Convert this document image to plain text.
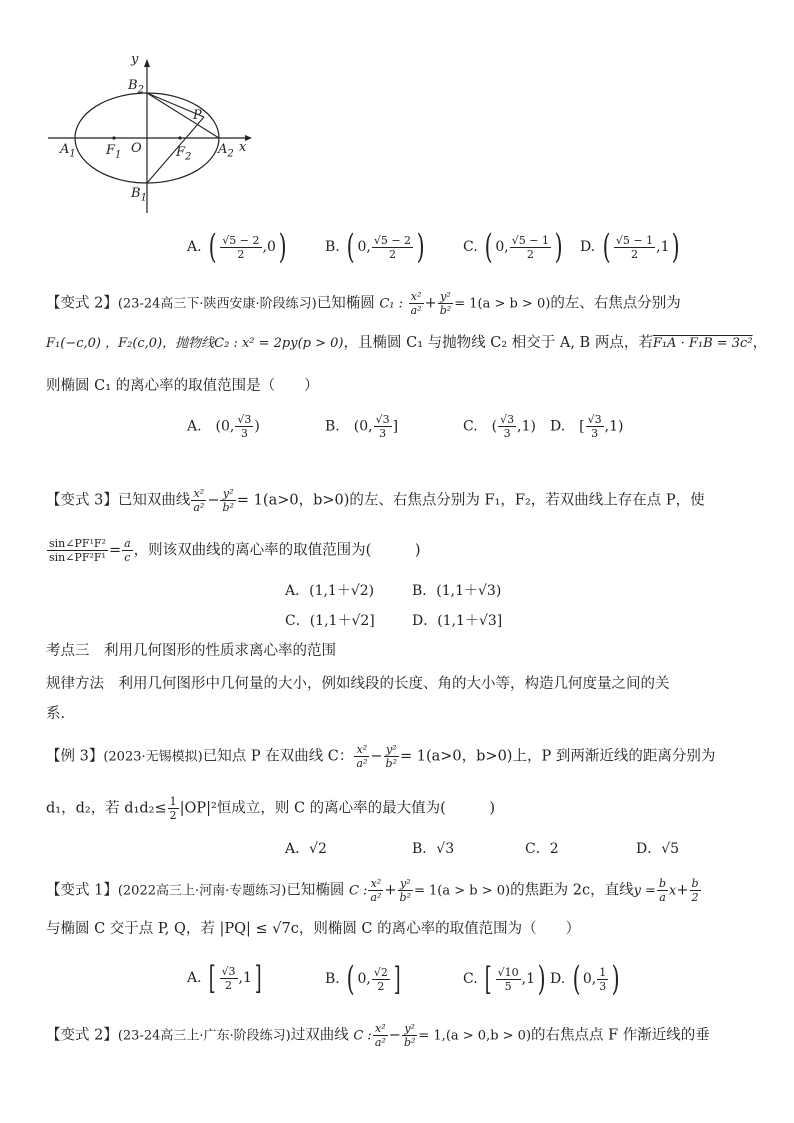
y
$B_2$
P
$A_1$ $F_1$ O	$F_2$
$A_2$ x
$B_1$
A. ( $\frac{√5 - 2}{2} ,0$)	B. ( 0, $\frac{√5 - 2}{2}$ )	C. ( 0, $\frac{√5 - 1}{2}$ ) D. ( $\frac{√5 - 1}{2} ,1$)
【变式 2】(23-24高三下·陕西安康·阶段练习)已知椭圆 C₁ : $\frac{\text{x²}}{\text{a²}} + \frac{\text{y²}}{\text{b²}} = 1(a > b > 0)$的左、右焦点分别为
F₁(−c,0) ，F₂(c,0)，抛物线C₂ : x² = 2py(p > 0)，且椭圆 C₁ 与抛物线 C₂ 相交于 A, B 两点，若F₁A · F₁B = 3c²，
则椭圆 C₁ 的离心率的取值范围是（　　）
A.　(0, $\frac{√3}{3}$ )	B.　(0, $\frac{√3}{3}$ ]	C.　( $\frac{√3}{3} ,1$) D.　[ $\frac{√3}{3} ,1$)
【变式 3】已知双曲线 $\frac{\text{x²}}{\text{a²}} - \frac{\text{y²}}{\text{b²}} = 1(a>0$，b>0)的左、右焦点分别为 F₁，F₂，若双曲线上存在点 P，使
$\frac{\text{sin∠PF¹F²}}{\text{sin∠PF²F¹}} = \frac{a}{c}$ ，则该双曲线的离心率的取值范围为(　　　)
A．(1,1＋√2)	B．(1,1＋√3)
C．(1,1＋√2]	D．(1,1＋√3]
考点三　利用几何图形的性质求离心率的范围
规律方法　利用几何图形中几何量的大小，例如线段的长度、角的大小等，构造几何度量之间的关
系.
【例 3】(2023·无锡模拟)已知点 P 在双曲线 C： $\frac{\text{x²}}{\text{a²}} - \frac{\text{y²}}{\text{b²}} = 1(a>0$，b>0)上，P 到两渐近线的距离分别为
d₁，d₂，若 $d_1d_2\le \frac{1}{2} |OP|^2$恒成立，则 C 的离心率的最大值为(　　　)
A．√2	B．√3	C．2	D．√5
【变式 1】(2022高三上·河南·专题练习)已知椭圆 C : $\frac{\text{x²}}{\text{a²}} + \frac{\text{y²}}{\text{b²}} = 1(a > b > 0)$的焦距为 2c，直线$y = \frac{b}{a} x+ \frac{b}{2}$
与椭圆 C 交于点 P, Q，若 |PQ| ≤ √7c，则椭圆 C 的离心率的取值范围为（　　）
A. [ $\frac{√3}{2} ,1$]	B. ( 0, $\frac{√2}{2}$ ]	C. [ $\frac{√10}{5} ,1$) D. ( 0, $\frac{1}{3}$ )
【变式 2】(23-24高三上·广东·阶段练习)过双曲线 C : $\frac{\text{x²}}{\text{a²}} - \frac{\text{y²}}{\text{b²}} = 1,(a > 0,b > 0)$的右焦点点 F 作渐近线的垂
